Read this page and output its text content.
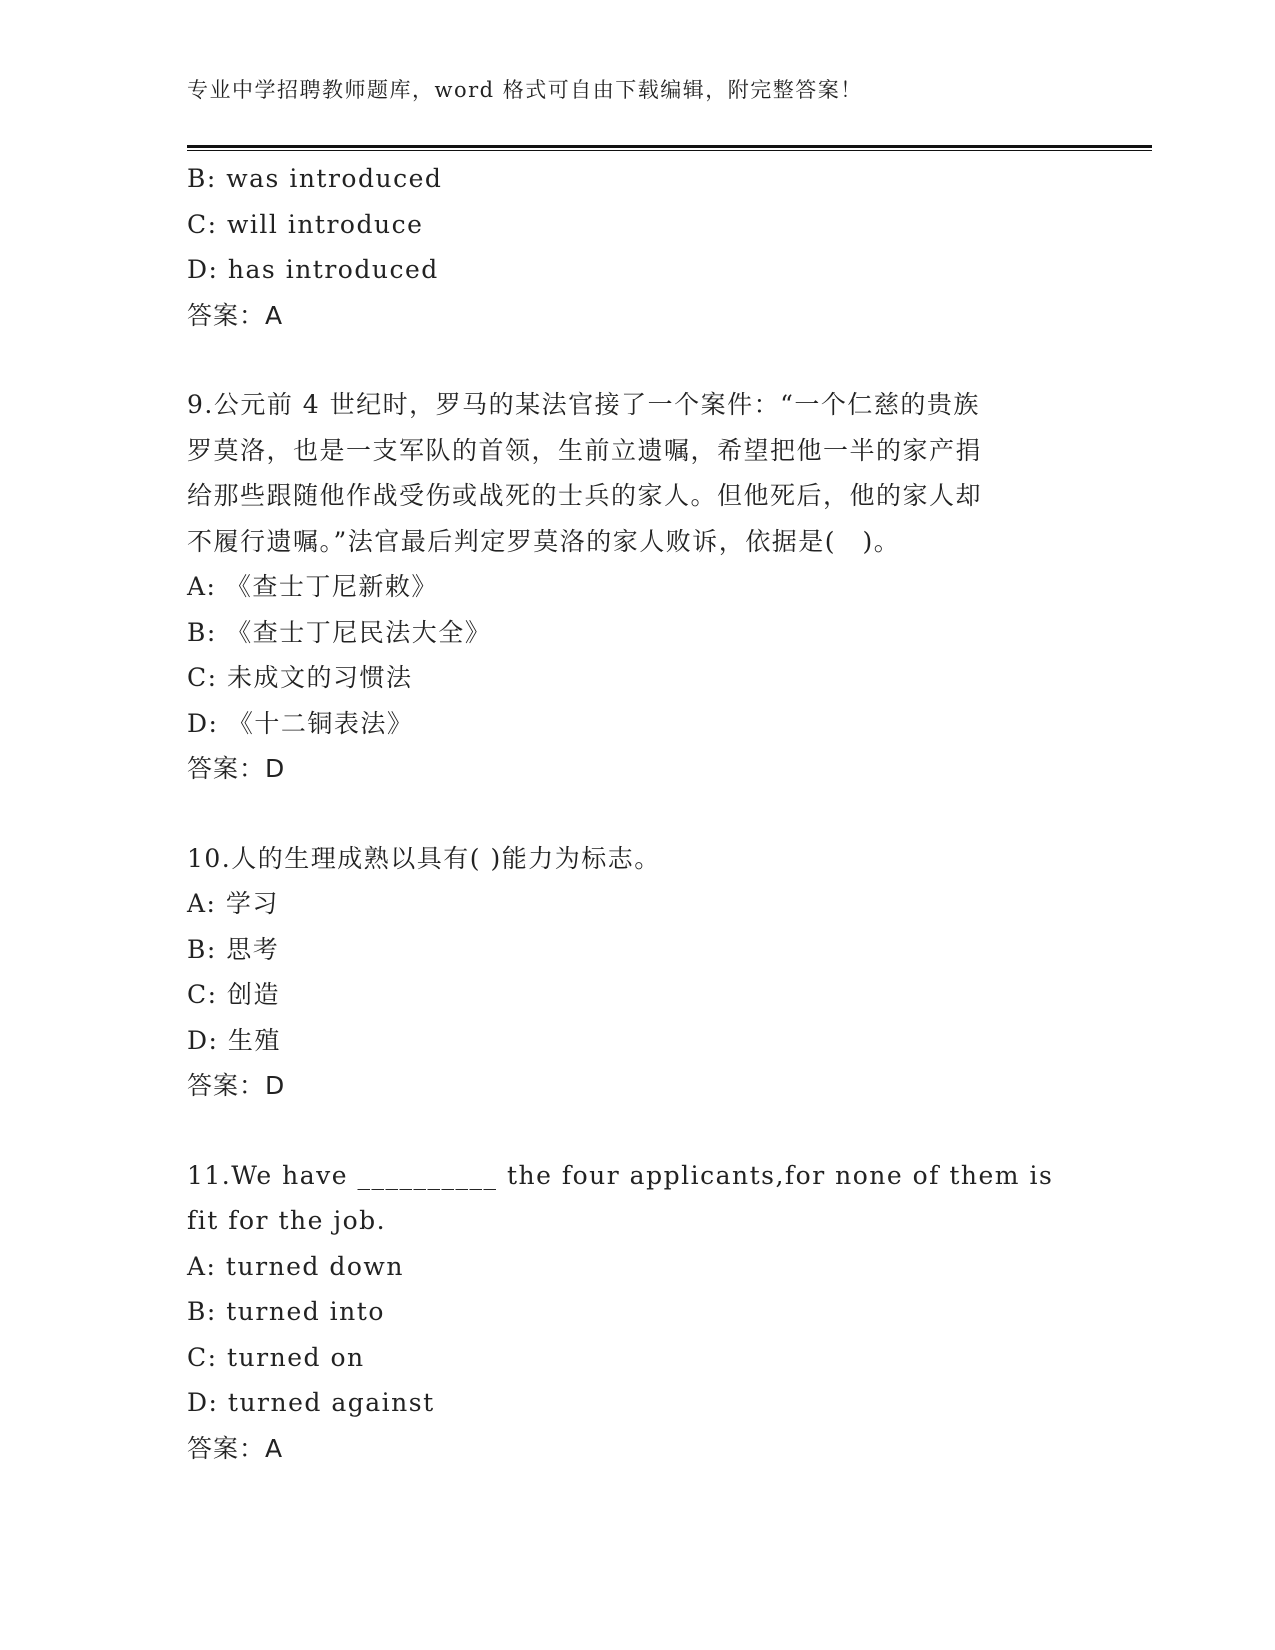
专业中学招聘教师题库，word 格式可自由下载编辑，附完整答案！
B: was introduced
C: will introduce
D: has introduced
答案：A
9.公元前 4 世纪时，罗马的某法官接了一个案件：“一个仁慈的贵族
罗莫洛，也是一支军队的首领，生前立遗嘱，希望把他一半的家产捐
给那些跟随他作战受伤或战死的士兵的家人。但他死后，他的家人却
不履行遗嘱。”法官最后判定罗莫洛的家人败诉，依据是(　)。
A: 《查士丁尼新敕》
B: 《查士丁尼民法大全》
C: 未成文的习惯法
D: 《十二铜表法》
答案：D
10.人的生理成熟以具有( )能力为标志。
A: 学习
B: 思考
C: 创造
D: 生殖
答案：D
11.We have __________ the four applicants,for none of them is
fit for the job.
A: turned down
B: turned into
C: turned on
D: turned against
答案：A
